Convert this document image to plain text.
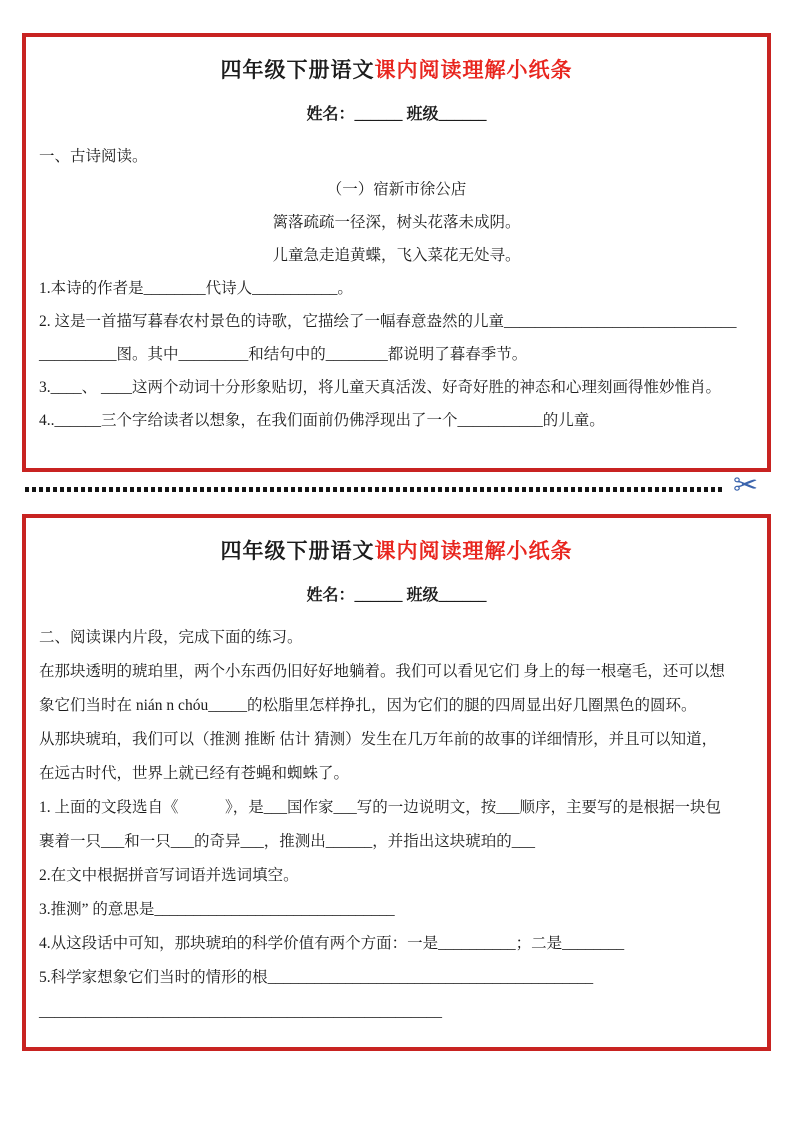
四年级下册语文课内阅读理解小纸条
姓名：______ 班级______
一、古诗阅读。
（一）宿新市徐公店
篱落疏疏一径深，树头花落未成阴。
儿童急走追黄蝶，飞入菜花无处寻。
1.本诗的作者是________代诗人___________。
2. 这是一首描写暮春农村景色的诗歌，它描绘了一幅春意盎然的儿童______________________________
__________图。其中_________和结句中的________都说明了暮春季节。
3.____、 ____这两个动词十分形象贴切，将儿童天真活泼、好奇好胜的神态和心理刻画得惟妙惟肖。
4..______三个字给读者以想象，在我们面前仍佛浮现出了一个___________的儿童。
✂
四年级下册语文课内阅读理解小纸条
姓名：______ 班级______
二、阅读课内片段，完成下面的练习。
在那块透明的琥珀里，两个小东西仍旧好好地躺着。我们可以看见它们 身上的每一根毫毛，还可以想
象它们当时在 nián n chóu_____的松脂里怎样挣扎，因为它们的腿的四周显出好几圈黑色的圆环。
从那块琥珀，我们可以（推测 推断 估计 猜测）发生在几万年前的故事的详细情形，并且可以知道，
在远古时代，世界上就已经有苍蝇和蜘蛛了。
1. 上面的文段选自《　　　》，是___国作家___写的一边说明文，按___顺序，主要写的是根据一块包
裹着一只___和一只___的奇异___，推测出______，并指出这块琥珀的___
2.在文中根据拼音写词语并选词填空。
3.推测” 的意思是_______________________________
4.从这段话中可知，那块琥珀的科学价值有两个方面：一是__________；二是________
5.科学家想象它们当时的情形的根__________________________________________
____________________________________________________
